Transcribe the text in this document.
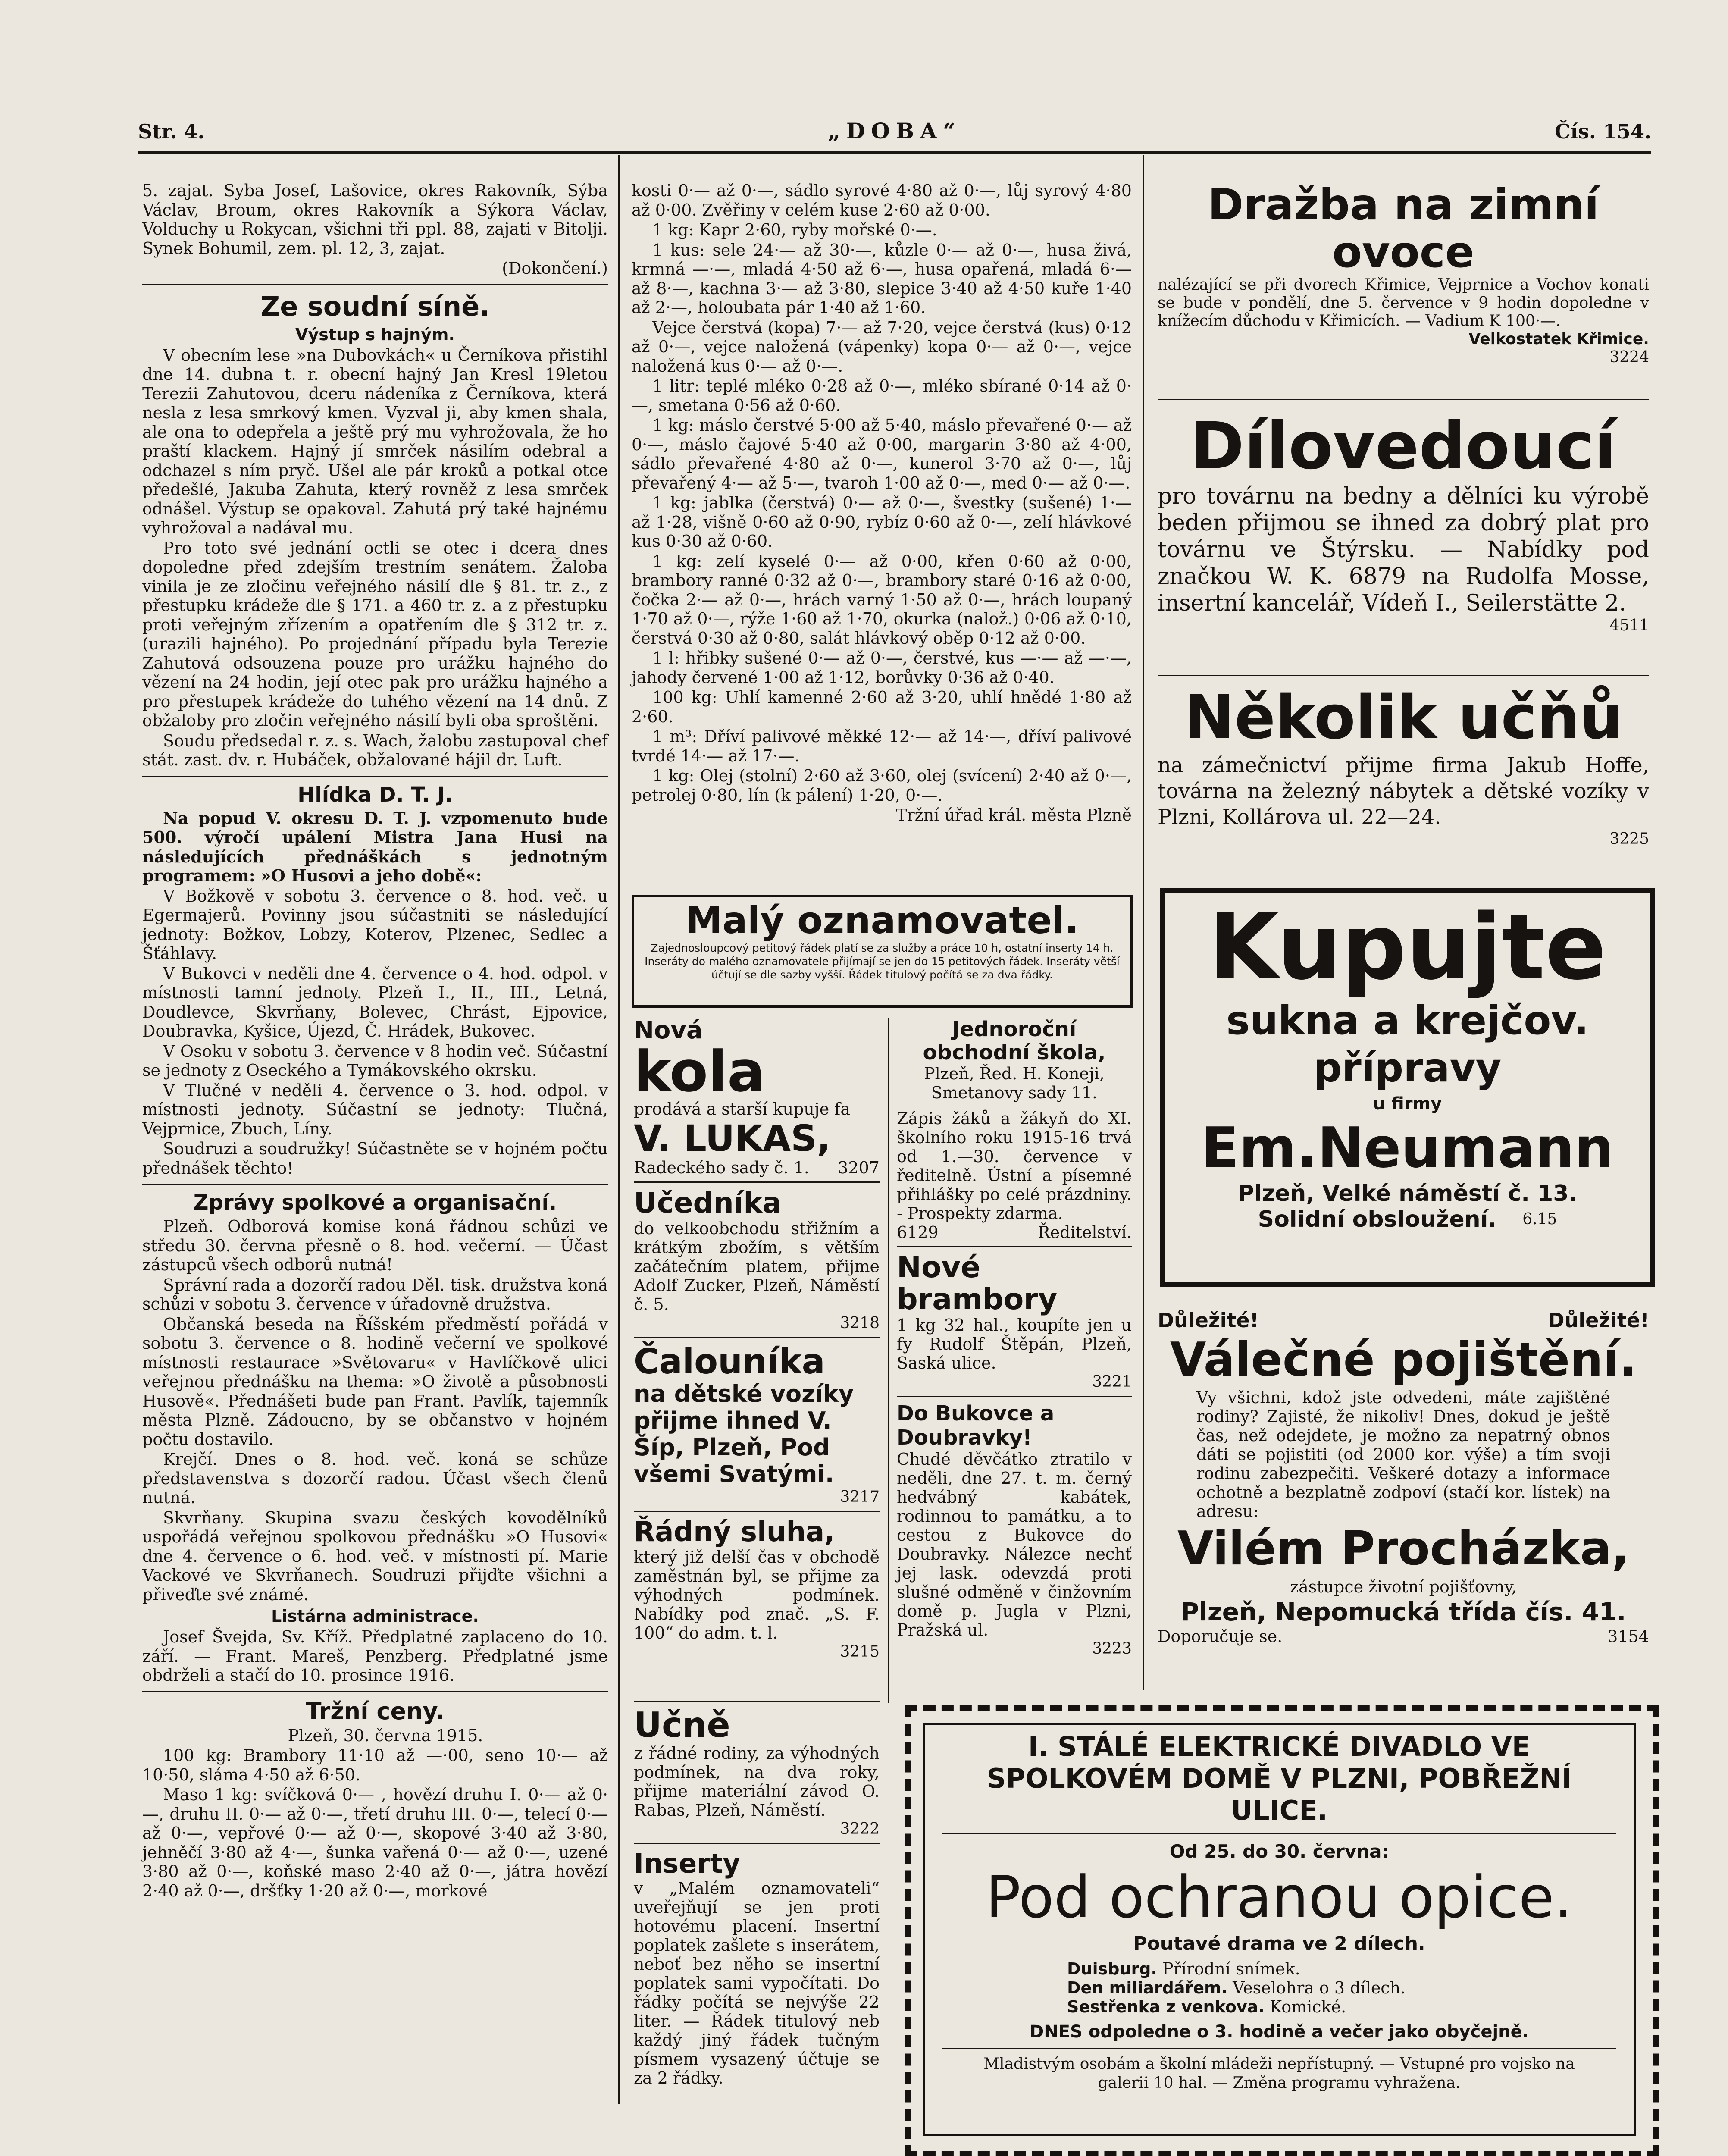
Str. 4.	„DOBA“	Čís. 154.

5. zajat. Syba Josef, Lašovice, okres Rakovník, Sýba Václav, Broum, okres Rakovník a Sýkora Václav, Volduchy u Rokycan, všichni tři ppl. 88, zajati v Bitolji. Synek Bohumil, zem. pl. 12, 3, zajat.

(Dokončení.)

Ze soudní síně.
Výstup s hajným.

V obecním lese »na Dubovkách« u Černíkova přistihl dne 14. dubna t. r. obecní hajný Jan Kresl 19letou Terezii Zahutovou, dceru nádeníka z Černíkova, která nesla z lesa smrkový kmen. Vyzval ji, aby kmen shala, ale ona to odepřela a ještě prý mu vyhrožovala, že ho praští klackem. Hajný jí smrček násilím odebral a odchazel s ním pryč. Ušel ale pár kroků a potkal otce předešlé, Jakuba Zahuta, který rovněž z lesa smrček odnášel. Výstup se opakoval. Zahutá prý také hajnému vyhrožoval a nadával mu.

Pro toto své jednání octli se otec i dcera dnes dopoledne před zdejším trestním senátem. Žaloba vinila je ze zločinu veřejného násilí dle § 81. tr. z., z přestupku krádeže dle § 171. a 460 tr. z. a z přestupku proti veřejným zřízením a opatřením dle § 312 tr. z. (urazili hajného). Po projednání případu byla Terezie Zahutová odsouzena pouze pro urážku hajného do vězení na 24 hodin, její otec pak pro urážku hajného a pro přestupek krádeže do tuhého vězení na 14 dnů. Z obžaloby pro zločin veřejného násilí byli oba sproštěni.

Soudu předsedal r. z. s. Wach, žalobu zastupoval chef stát. zast. dv. r. Hubáček, obžalované hájil dr. Luft.

Hlídka D. T. J.

Na popud V. okresu D. T. J. vzpomenuto bude 500. výročí upálení Mistra Jana Husi na následujících přednáškách s jednotným programem: »O Husovi a jeho době«:

V Božkově v sobotu 3. července o 8. hod. več. u Egermajerů. Povinny jsou súčastniti se následující jednoty: Božkov, Lobzy, Koterov, Plzenec, Sedlec a Šťáhlavy.

V Bukovci v neděli dne 4. července o 4. hod. odpol. v místnosti tamní jednoty. Plzeň I., II., III., Letná, Doudlevce, Skvrňany, Bolevec, Chrást, Ejpovice, Doubravka, Kyšice, Újezd, Č. Hrádek, Bukovec.

V Osoku v sobotu 3. července v 8 hodin več. Súčastní se jednoty z Oseckého a Tymákovského okrsku.

V Tlučné v neděli 4. července o 3. hod. odpol. v místnosti jednoty. Súčastní se jednoty: Tlučná, Vejprnice, Zbuch, Líny.

Soudruzi a soudružky! Súčastněte se v hojném počtu přednášek těchto!

Zprávy spolkové a organisační.

Plzeň. Odborová komise koná řádnou schůzi ve středu 30. června přesně o 8. hod. večerní. — Účast zástupců všech odborů nutná!

Správní rada a dozorčí radou Děl. tisk. družstva koná schůzi v sobotu 3. července v úřadovně družstva.

Občanská beseda na Říšském předměstí pořádá v sobotu 3. července o 8. hodině večerní ve spolkové místnosti restaurace »Světovaru« v Havlíčkově ulici veřejnou přednášku na thema: »O životě a působnosti Husově«. Přednášeti bude pan Frant. Pavlík, tajemník města Plzně. Zádoucno, by se občanstvo v hojném počtu dostavilo.

Krejčí. Dnes o 8. hod. več. koná se schůze představenstva s dozorčí radou. Účast všech členů nutná.

Skvrňany. Skupina svazu českých kovodělníků uspořádá veřejnou spolkovou přednášku »O Husovi« dne 4. července o 6. hod. več. v místnosti pí. Marie Vackové ve Skvrňanech. Soudruzi přijďte všichni a přiveďte své známé.

Listárna administrace.

Josef Švejda, Sv. Kříž. Předplatné zaplaceno do 10. září. — Frant. Mareš, Penzberg. Předplatné jsme obdrželi a stačí do 10. prosince 1916.

Tržní ceny.

Plzeň, 30. června 1915.

100 kg: Brambory 11·10 až —·00, seno 10·— až 10·50, sláma 4·50 až 6·50.

Maso 1 kg: svíčková 0·— , hovězí druhu I. 0·— až 0·—, druhu II. 0·— až 0·—, třetí druhu III. 0·—, telecí 0·— až 0·—, vepřové 0·— až 0·—, skopové 3·40 až 3·80, jehněčí 3·80 až 4·—, šunka vařená 0·— až 0·—, uzené 3·80 až 0·—, koňské maso 2·40 až 0·—, játra hovězí 2·40 až 0·—, dršťky 1·20 až 0·—, morkové

kosti 0·— až 0·—, sádlo syrové 4·80 až 0·—, lůj syrový 4·80 až 0·00. Zvěřiny v celém kuse 2·60 až 0·00.

1 kg: Kapr 2·60, ryby mořské 0·—.

1 kus: sele 24·— až 30·—, kůzle 0·— až 0·—, husa živá, krmná —·—, mladá 4·50 až 6·—, husa opařená, mladá 6·— až 8·—, kachna 3·— až 3·80, slepice 3·40 až 4·50 kuře 1·40 až 2·—, holoubata pár 1·40 až 1·60.

Vejce čerstvá (kopa) 7·— až 7·20, vejce čerstvá (kus) 0·12 až 0·—, vejce naložená (vápenky) kopa 0·— až 0·—, vejce naložená kus 0·— až 0·—.

1 litr: teplé mléko 0·28 až 0·—, mléko sbírané 0·14 až 0·—, smetana 0·56 až 0·60.

1 kg: máslo čerstvé 5·00 až 5·40, máslo převařené 0·— až 0·—, máslo čajové 5·40 až 0·00, margarin 3·80 až 4·00, sádlo převařené 4·80 až 0·—, kunerol 3·70 až 0·—, lůj převařený 4·— až 5·—, tvaroh 1·00 až 0·—, med 0·— až 0·—.

1 kg: jablka (čerstvá) 0·— až 0·—, švestky (sušené) 1·— až 1·28, višně 0·60 až 0·90, rybíz 0·60 až 0·—, zelí hlávkové kus 0·30 až 0·60.

1 kg: zelí kyselé 0·— až 0·00, křen 0·60 až 0·00, brambory ranné 0·32 až 0·—, brambory staré 0·16 až 0·00, čočka 2·— až 0·—, hrách varný 1·50 až 0·—, hrách loupaný 1·70 až 0·—, rýže 1·60 až 1·70, okurka (nalož.) 0·06 až 0·10, čerstvá 0·30 až 0·80, salát hlávkový oběp 0·12 až 0·00.

1 l: hřibky sušené 0·— až 0·—, čerstvé, kus —·— až —·—, jahody červené 1·00 až 1·12, borůvky 0·36 až 0·40.

100 kg: Uhlí kamenné 2·60 až 3·20, uhlí hnědé 1·80 až 2·60.

1 m³: Dříví palivové měkké 12·— až 14·—, dříví palivové tvrdé 14·— až 17·—.

1 kg: Olej (stolní) 2·60 až 3·60, olej (svícení) 2·40 až 0·—, petrolej 0·80, lín (k pálení) 1·20, 0·—.

Tržní úřad král. města Plzně

Malý oznamovatel.
Zajednosloupcový petitový řádek platí se za služby a práce 10 h, ostatní inserty 14 h. Inseráty do malého oznamovatele přijímají se jen do 15 petitových řádek. Inseráty větší účtují se dle sazby vyšší. Řádek titulový počítá se za dva řádky.
Nová
kola
prodává a starší kupuje fa
V. LUKAS,
Radeckého sady č. 1. 3207
Učedníka
do velkoobchodu střižním a krátkým zbožím, s větším začátečním platem, přijme Adolf Zucker, Plzeň, Náměstí č. 5.
3218
Čalouníka
na dětské vozíky přijme ihned V. Šíp, Plzeň, Pod všemi Svatými.
3217
Řádný sluha,
který již delší čas v obchodě zaměstnán byl, se přijme za výhodných podmínek. Nabídky pod znač. „S. F. 100“ do adm. t. l.
3215
Jednoroční obchodní škola,
Plzeň, Řed. H. Koneji, Smetanovy sady 11.
Zápis žáků a žákyň do XI. školního roku 1915-16 trvá od 1.—30. července v ředitelně. Ústní a písemné přihlášky po celé prázdniny. - Prospekty zdarma.
6129	Ředitelství.
Nové brambory
1 kg 32 hal., koupíte jen u fy Rudolf Štěpán, Plzeň, Saská ulice.
3221
Do Bukovce a Doubravky!
Chudé děvčátko ztratilo v neděli, dne 27. t. m. černý hedvábný kabátek, rodinnou to památku, a to cestou z Bukovce do Doubravky. Nálezce nechť jej lask. odevzdá proti slušné odměně v činžovním domě p. Jugla v Plzni, Pražská ul.
3223
Učně
z řádné rodiny, za výhodných podmínek, na dva roky, přijme materiální závod O. Rabas, Plzeň, Náměstí.
3222
Inserty
v „Malém oznamovateli“ uveřejňují se jen proti hotovému placení. Insertní poplatek zašlete s inserátem, neboť bez něho se insertní poplatek sami vypočítati. Do řádky počítá se nejvýše 22 liter. — Řádek titulový neb každý jiný řádek tučným písmem vysazený účtuje se za 2 řádky.
Dražba na zimní
ovoce
nalézající se při dvorech Křimice, Vejprnice a Vochov konati se bude v pondělí, dne 5. července v 9 hodin dopoledne v knížecím důchodu v Křimicích. — Vadium K 100·—.
Velkostatek Křimice.
3224
Dílovedoucí
pro továrnu na bedny a dělníci ku výrobě beden přijmou se ihned za dobrý plat pro továrnu ve Štýrsku. — Nabídky pod značkou W. K. 6879 na Rudolfa Mosse, insertní kancelář, Vídeň I., Seilerstätte 2.
4511
Několik učňů
na zámečnictví přijme firma Jakub Hoffe, továrna na železný nábytek a dětské vozíky v Plzni, Kollárova ul. 22—24.
3225
Kupujte
sukna a krejčov.
přípravy
u firmy
Em.Neumann
Plzeň, Velké náměstí č. 13.
Solidní obsloužení. 6.15
Důležité!	Důležité!
Válečné pojištění.
Vy všichni, kdož jste odvedeni, máte zajištěné rodiny? Zajisté, že nikoliv! Dnes, dokud je ještě čas, než odejdete, je možno za nepatrný obnos dáti se pojistiti (od 2000 kor. výše) a tím svoji rodinu zabezpečiti. Veškeré dotazy a informace ochotně a bezplatně zodpoví (stačí kor. lístek) na adresu:
Vilém Procházka,
zástupce životní pojišťovny,
Plzeň, Nepomucká třída čís. 41.
Doporučuje se.	3154
I. STÁLÉ ELEKTRICKÉ DIVADLO VE SPOLKOVÉM DOMĚ V PLZNI, POBŘEŽNÍ ULICE.
Od 25. do 30. června:
Pod ochranou opice.
Poutavé drama ve 2 dílech.
Duisburg. Přírodní snímek.
Den miliardářem. Veselohra o 3 dílech.
Sestřenka z venkova. Komické.
DNES odpoledne o 3. hodině a večer jako obyčejně.
Mladistvým osobám a školní mládeži nepřístupný. — Vstupné pro vojsko na galerii 10 hal. — Změna programu vyhražena.
